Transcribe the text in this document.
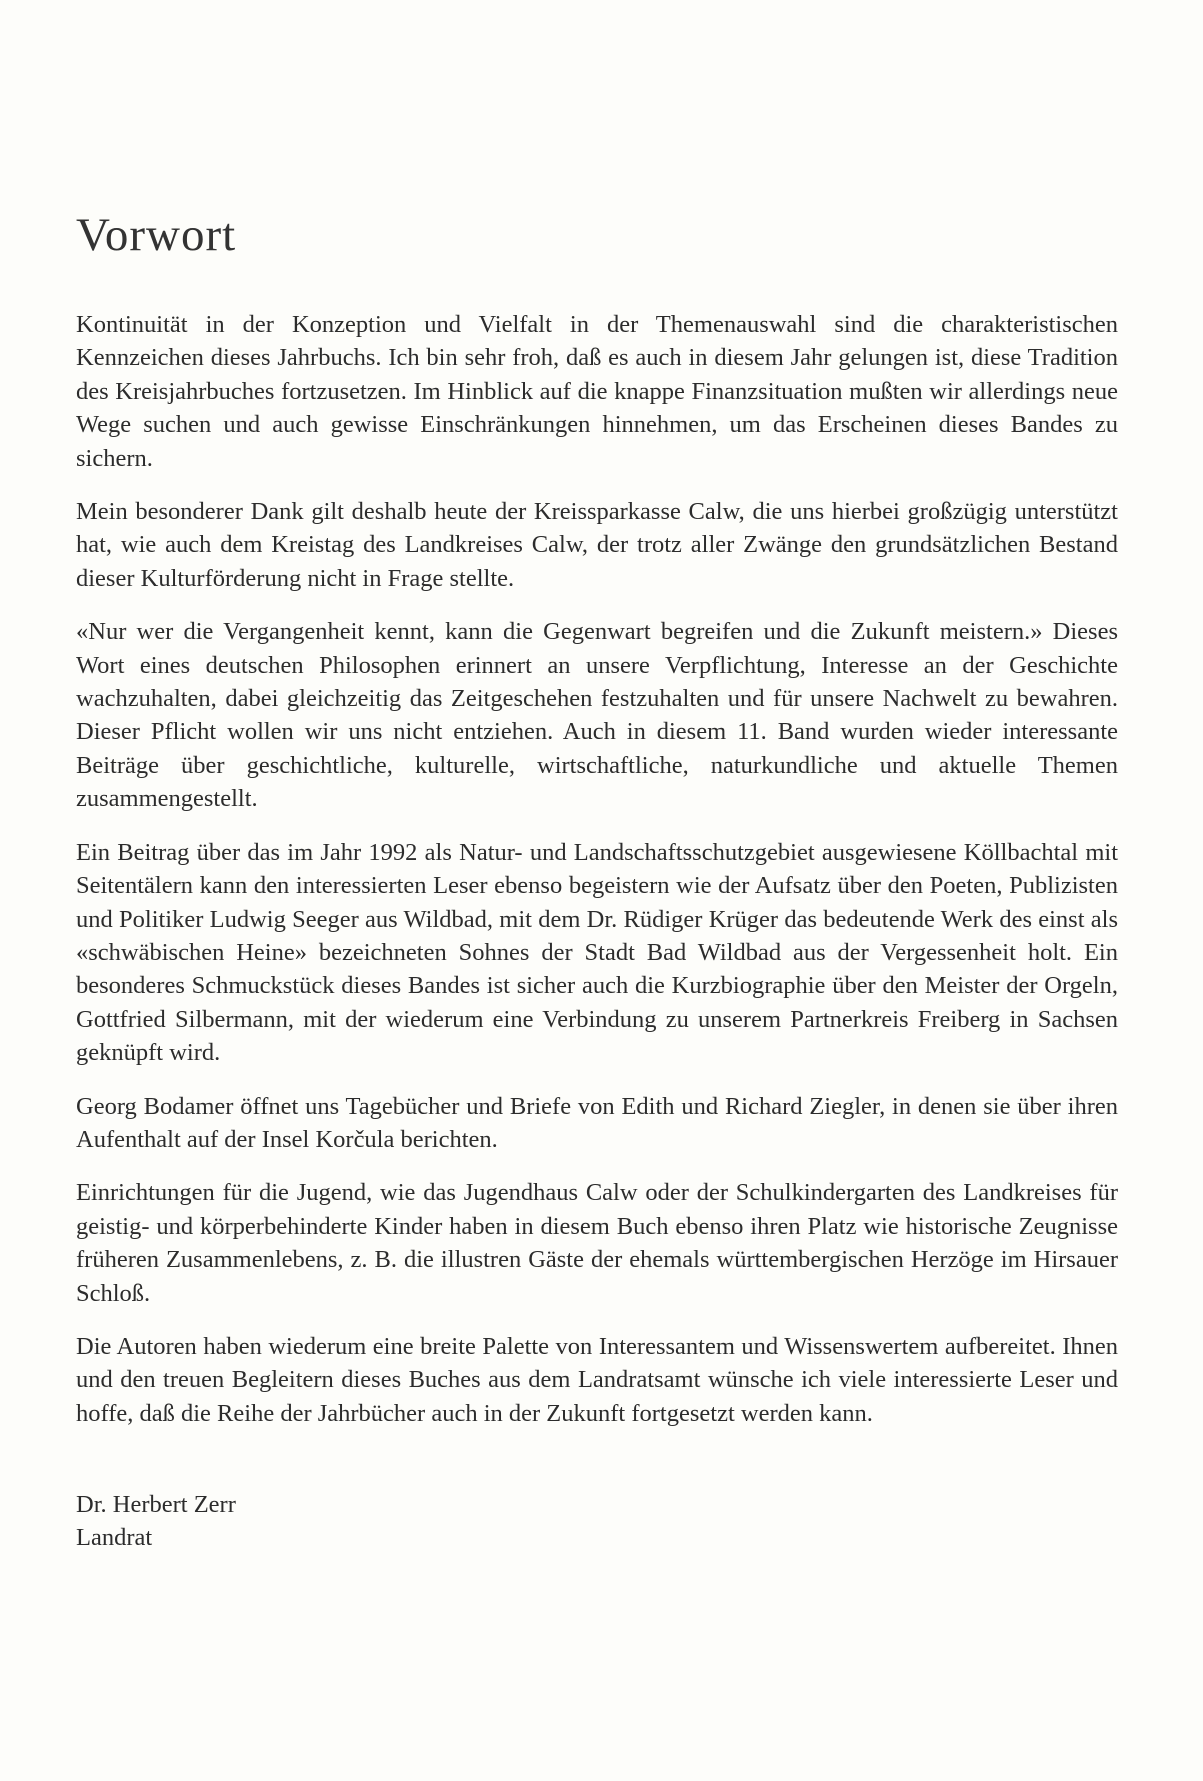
Vorwort

Kontinuität in der Konzeption und Vielfalt in der Themenauswahl sind die charakteristischen Kennzeichen dieses Jahrbuchs. Ich bin sehr froh, daß es auch in diesem Jahr gelungen ist, diese Tradition des Kreisjahrbuches fortzusetzen. Im Hinblick auf die knappe Finanzsituation mußten wir allerdings neue Wege suchen und auch gewisse Einschränkungen hinnehmen, um das Erscheinen dieses Bandes zu sichern.

Mein besonderer Dank gilt deshalb heute der Kreissparkasse Calw, die uns hierbei großzügig unterstützt hat, wie auch dem Kreistag des Landkreises Calw, der trotz aller Zwänge den grundsätzlichen Bestand dieser Kulturförderung nicht in Frage stellte.

«Nur wer die Vergangenheit kennt, kann die Gegenwart begreifen und die Zukunft meistern.» Dieses Wort eines deutschen Philosophen erinnert an unsere Verpflichtung, Interesse an der Geschichte wachzuhalten, dabei gleichzeitig das Zeitgeschehen festzuhalten und für unsere Nachwelt zu bewahren. Dieser Pflicht wollen wir uns nicht entziehen. Auch in diesem 11. Band wurden wieder interessante Beiträge über geschichtliche, kulturelle, wirtschaftliche, naturkundliche und aktuelle Themen zusammengestellt.

Ein Beitrag über das im Jahr 1992 als Natur- und Landschaftsschutzgebiet ausgewiesene Köllbachtal mit Seitentälern kann den interessierten Leser ebenso begeistern wie der Aufsatz über den Poeten, Publizisten und Politiker Ludwig Seeger aus Wildbad, mit dem Dr. Rüdiger Krüger das bedeutende Werk des einst als «schwäbischen Heine» bezeichneten Sohnes der Stadt Bad Wildbad aus der Vergessenheit holt. Ein besonderes Schmuckstück dieses Bandes ist sicher auch die Kurzbiographie über den Meister der Orgeln, Gottfried Silbermann, mit der wiederum eine Verbindung zu unserem Partnerkreis Freiberg in Sachsen geknüpft wird.

Georg Bodamer öffnet uns Tagebücher und Briefe von Edith und Richard Ziegler, in denen sie über ihren Aufenthalt auf der Insel Korčula berichten.

Einrichtungen für die Jugend, wie das Jugendhaus Calw oder der Schulkindergarten des Landkreises für geistig- und körperbehinderte Kinder haben in diesem Buch ebenso ihren Platz wie historische Zeugnisse früheren Zusammenlebens, z. B. die illustren Gäste der ehemals württembergischen Herzöge im Hirsauer Schloß.

Die Autoren haben wiederum eine breite Palette von Interessantem und Wissenswertem aufbereitet. Ihnen und den treuen Begleitern dieses Buches aus dem Landratsamt wünsche ich viele interessierte Leser und hoffe, daß die Reihe der Jahrbücher auch in der Zukunft fortgesetzt werden kann.

Dr. Herbert Zerr
Landrat
